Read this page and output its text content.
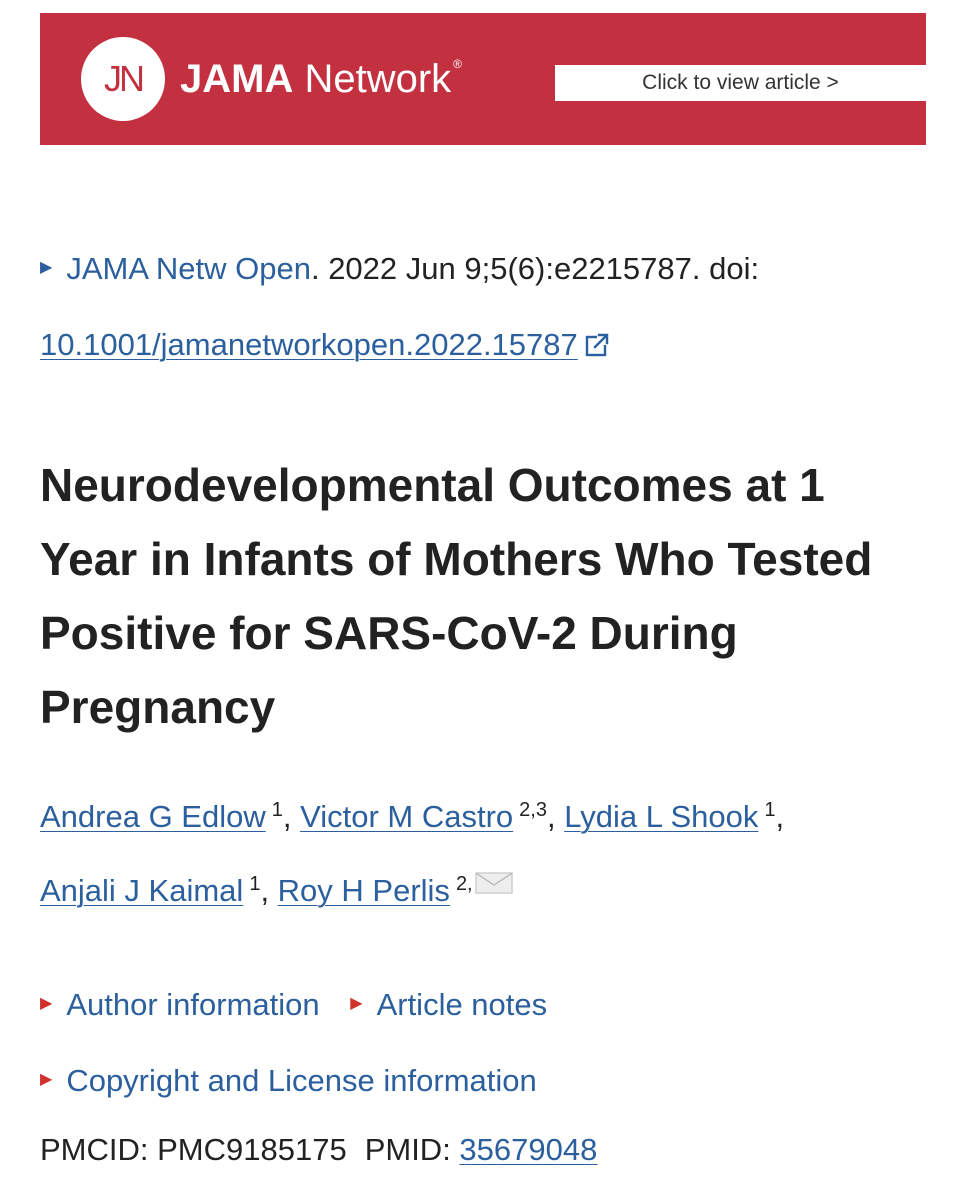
JN JAMA Network ®
Click to view article >
▶ JAMA Netw Open. 2022 Jun 9;5(6):e2215787. doi:
10.1001/jamanetworkopen.2022.15787
Neurodevelopmental Outcomes at 1 Year in Infants of Mothers Who Tested Positive for SARS-CoV-2 During Pregnancy
Andrea G Edlow $^1$, Victor M Castro $^{2,3}$, Lydia L Shook $^1$,
Anjali J Kaimal $^1$, Roy H Perlis $^{2,}$
▶ Author information ▶ Article notes
▶ Copyright and License information
PMCID: PMC9185175 PMID: 35679048
